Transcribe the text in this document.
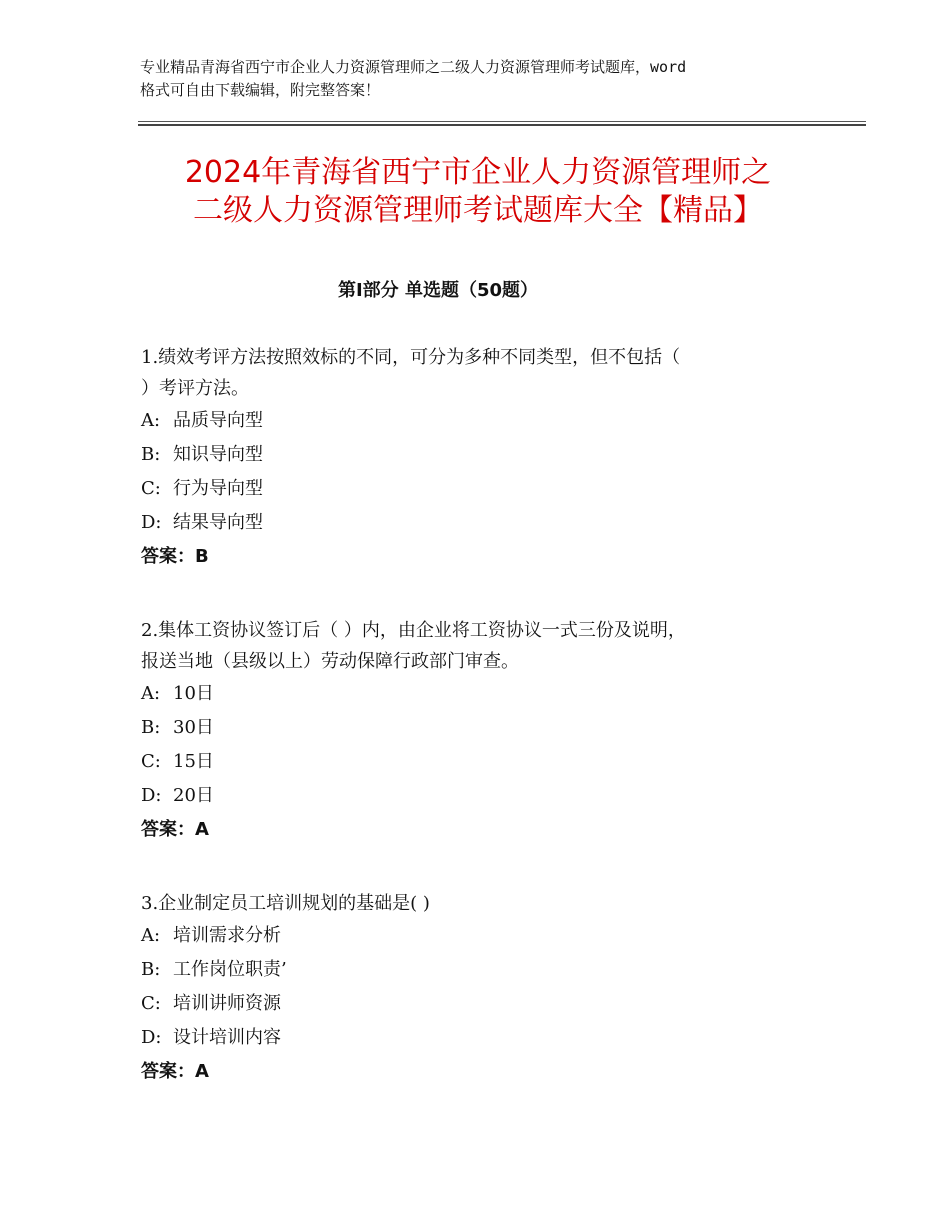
专业精品青海省西宁市企业人力资源管理师之二级人力资源管理师考试题库，word
格式可自由下载编辑，附完整答案！
2024年青海省西宁市企业人力资源管理师之
二级人力资源管理师考试题库大全【精品】
第Ⅰ部分 单选题（50题）
1.绩效考评方法按照效标的不同，可分为多种不同类型，但不包括（
）考评方法。
A: 品质导向型
B: 知识导向型
C: 行为导向型
D: 结果导向型
答案：B
2.集体工资协议签订后（ ）内，由企业将工资协议一式三份及说明，
报送当地（县级以上）劳动保障行政部门审查。
A: 10日
B: 30日
C: 15日
D: 20日
答案：A
3.企业制定员工培训规划的基础是( )
A: 培训需求分析
B: 工作岗位职责’
C: 培训讲师资源
D: 设计培训内容
答案：A
